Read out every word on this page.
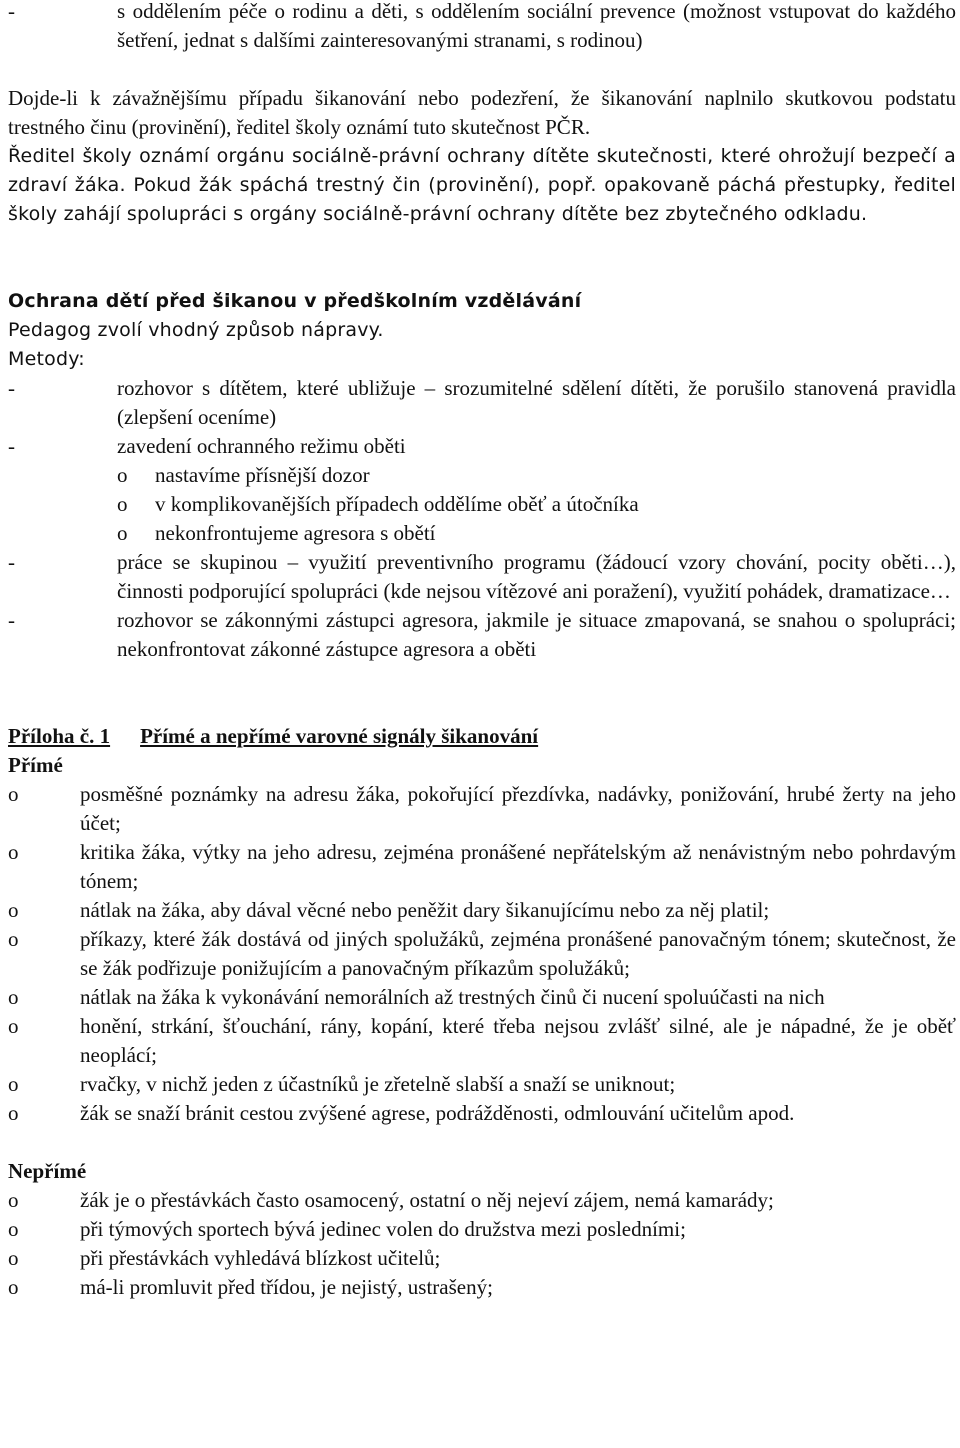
-	s oddělením péče o rodinu a děti, s oddělením sociální prevence (možnost vstupovat do každého šetření, jednat s dalšími zainteresovanými stranami, s rodinou)

Dojde-li k závažnějšímu případu šikanování nebo podezření, že šikanování naplnilo skutkovou podstatu trestného činu (provinění), ředitel školy oznámí tuto skutečnost PČR.

Ředitel školy oznámí orgánu sociálně-právní ochrany dítěte skutečnosti, které ohrožují bezpečí a zdraví žáka. Pokud žák spáchá trestný čin (provinění), popř. opakovaně páchá přestupky, ředitel školy zahájí spolupráci s orgány sociálně-právní ochrany dítěte bez zbytečného odkladu.

Ochrana dětí před šikanou v předškolním vzdělávání

Pedagog zvolí vhodný způsob nápravy.

Metody:

-	rozhovor s dítětem, které ubližuje – srozumitelné sdělení dítěti, že porušilo stanovená pravidla (zlepšení oceníme)
-	zavedení ochranného režimu oběti
o	nastavíme přísnější dozor
o	v komplikovanějších případech oddělíme oběť a útočníka
o	nekonfrontujeme agresora s obětí
-	práce se skupinou – využití preventivního programu (žádoucí vzory chování, pocity oběti…), činnosti podporující spolupráci (kde nejsou vítězové ani poražení), využití pohádek, dramatizace…
-	rozhovor se zákonnými zástupci agresora, jakmile je situace zmapovaná, se snahou o spolupráci; nekonfrontovat zákonné zástupce agresora a oběti

Příloha č. 1 Přímé a nepřímé varovné signály šikanování

Přímé

o	posměšné poznámky na adresu žáka, pokořující přezdívka, nadávky, ponižování, hrubé žerty na jeho účet;
o	kritika žáka, výtky na jeho adresu, zejména pronášené nepřátelským až nenávistným nebo pohrdavým tónem;
o	nátlak na žáka, aby dával věcné nebo peněžit dary šikanujícímu nebo za něj platil;
o	příkazy, které žák dostává od jiných spolužáků, zejména pronášené panovačným tónem; skutečnost, že se žák podřizuje ponižujícím a panovačným příkazům spolužáků;
o	nátlak na žáka k vykonávání nemorálních až trestných činů či nucení spoluúčasti na nich
o	honění, strkání, šťouchání, rány, kopání, které třeba nejsou zvlášť silné, ale je nápadné, že je oběť neoplácí;
o	rvačky, v nichž jeden z účastníků je zřetelně slabší a snaží se uniknout;
o	žák se snaží bránit cestou zvýšené agrese, podrážděnosti, odmlouvání učitelům apod.

Nepřímé

o	žák je o přestávkách často osamocený, ostatní o něj nejeví zájem, nemá kamarády;
o	při týmových sportech bývá jedinec volen do družstva mezi posledními;
o	při přestávkách vyhledává blízkost učitelů;
o	má-li promluvit před třídou, je nejistý, ustrašený;
